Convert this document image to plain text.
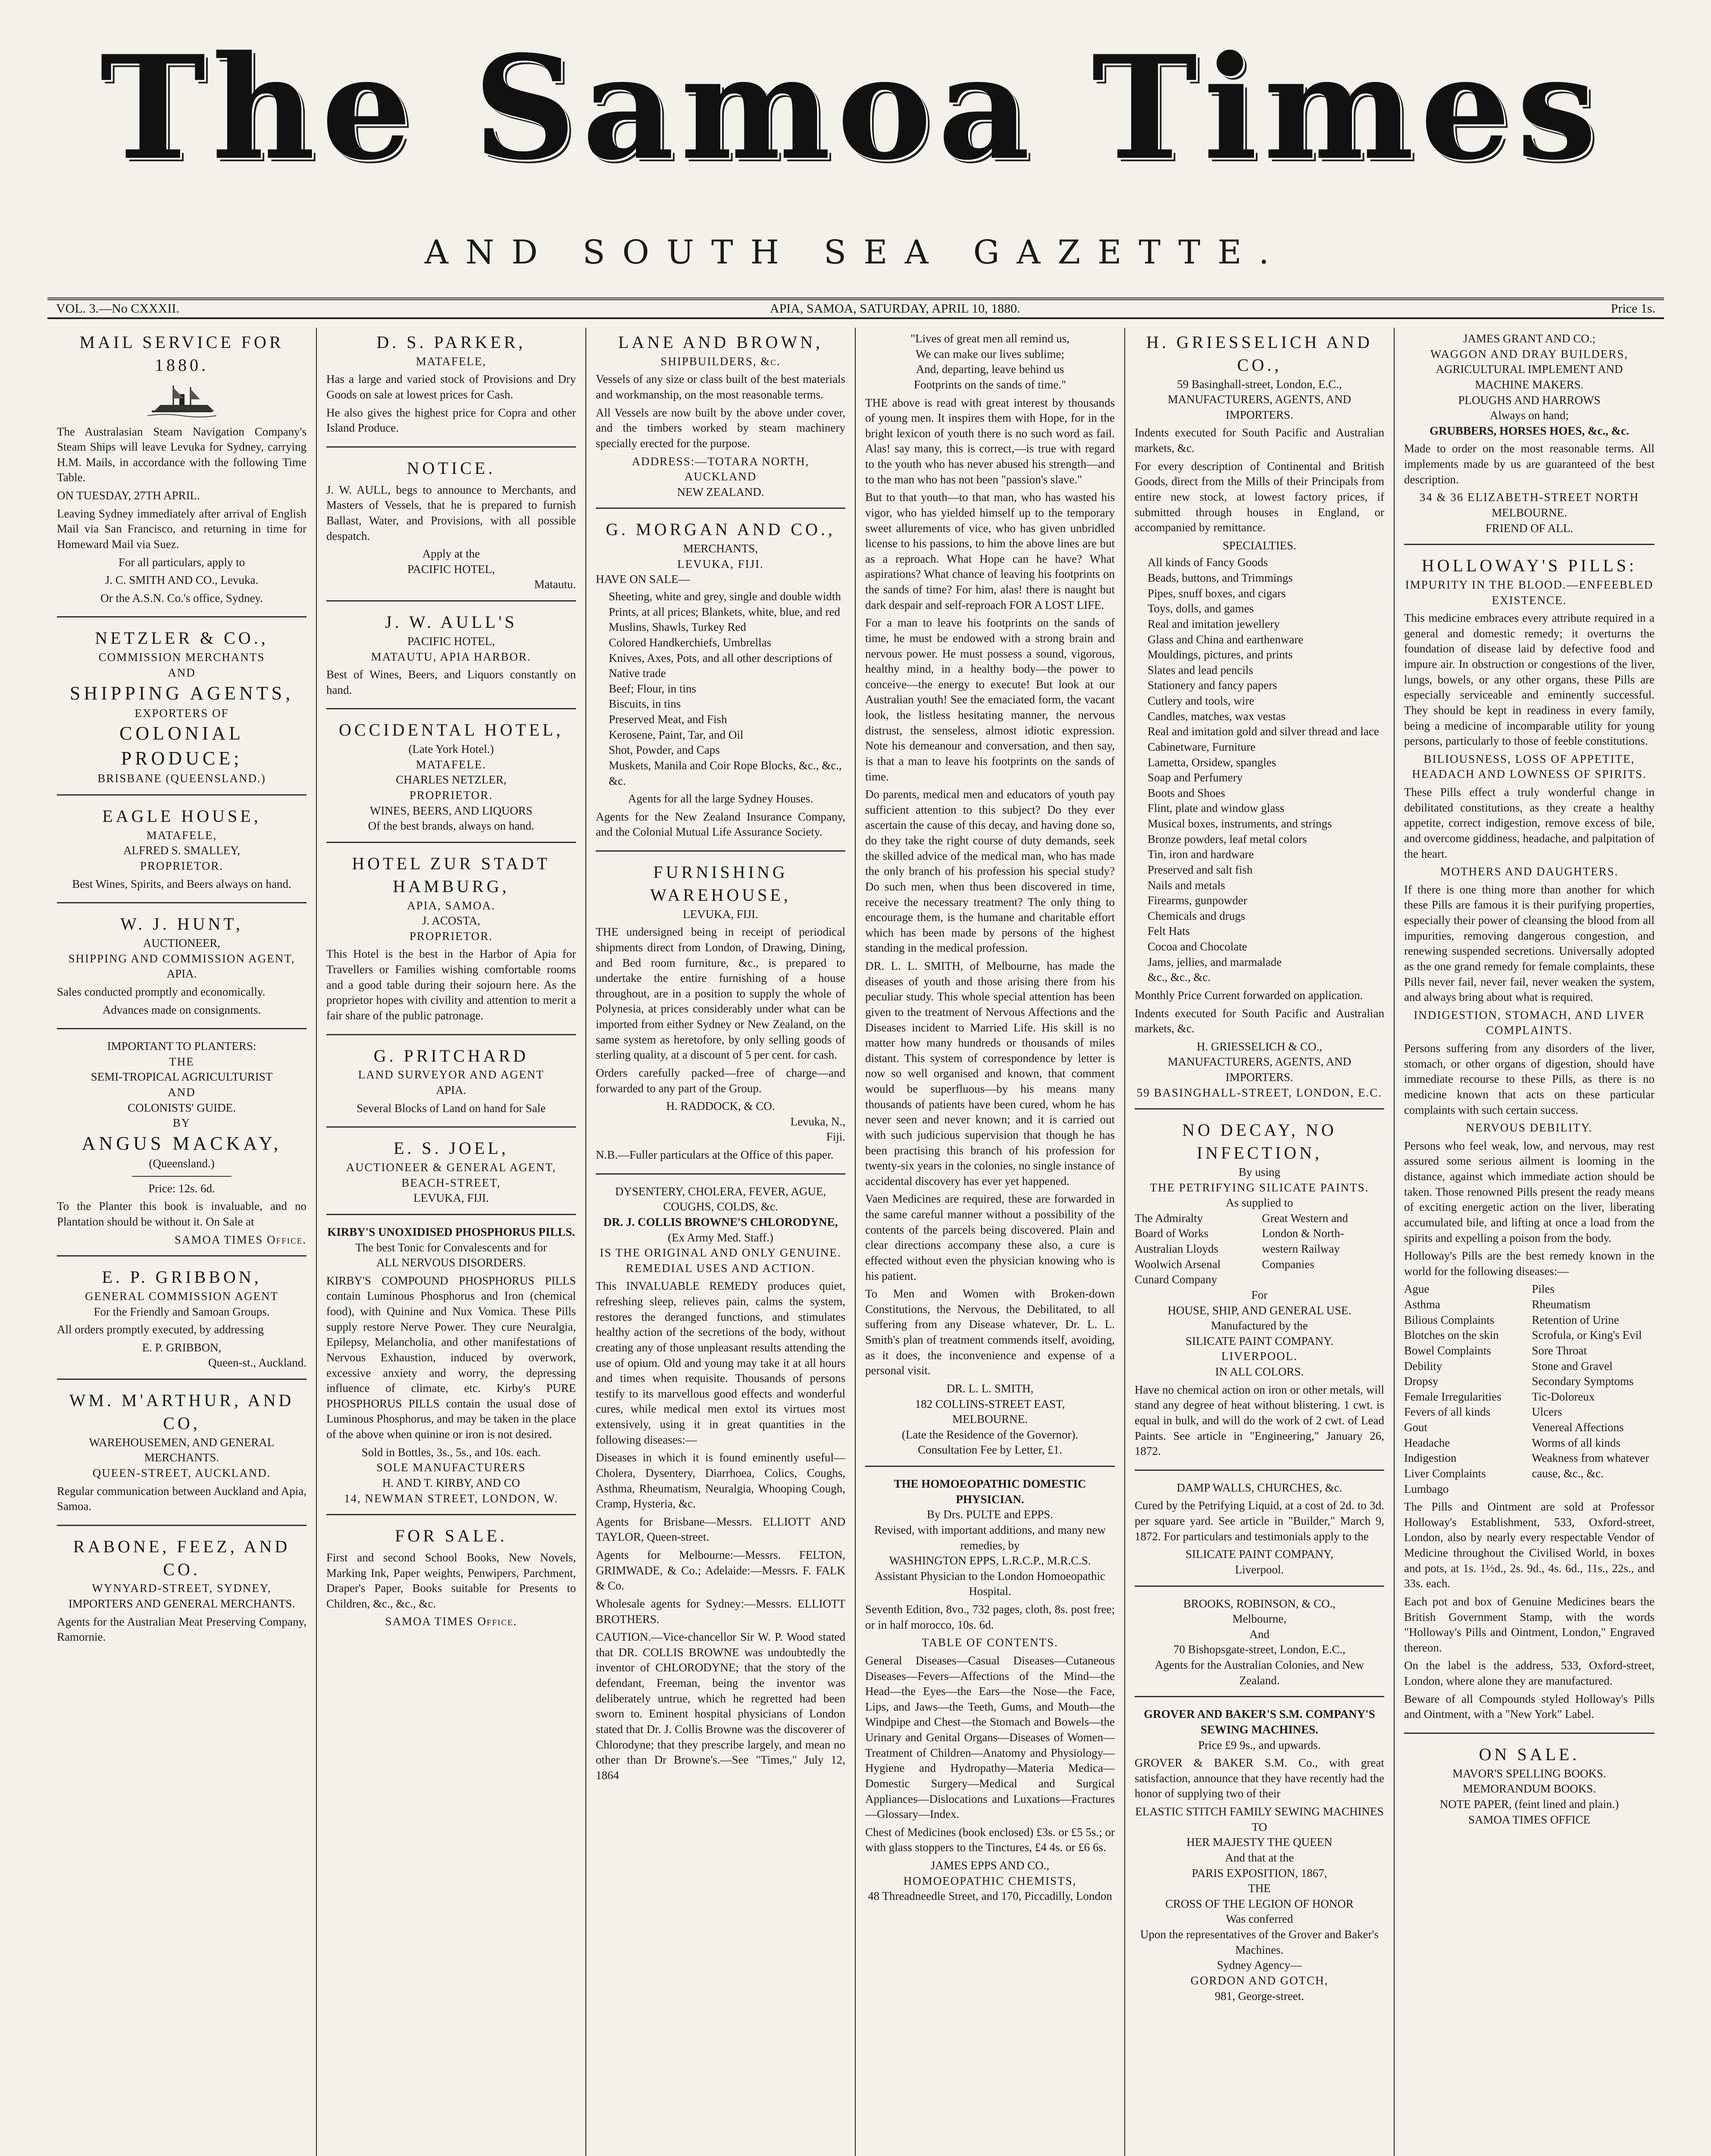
The Samoa Times
AND SOUTH SEA GAZETTE.
VOL. 3.—No CXXXII.	APIA, SAMOA, SATURDAY, APRIL 10, 1880.	Price 1s.
MAIL SERVICE FOR 1880.

The Australasian Steam Navigation Company's Steam Ships will leave Levuka for Sydney, carrying H.M. Mails, in accordance with the following Time Table.

ON TUESDAY, 27TH APRIL.

Leaving Sydney immediately after arrival of English Mail via San Francisco, and returning in time for Homeward Mail via Suez.

For all particulars, apply to

J. C. SMITH AND CO., Levuka.

Or the A.S.N. Co.'s office, Sydney.

NETZLER & CO.,
COMMISSION MERCHANTS
AND
SHIPPING AGENTS,
EXPORTERS OF
COLONIAL PRODUCE;
BRISBANE (QUEENSLAND.)
EAGLE HOUSE,
MATAFELE,
ALFRED S. SMALLEY,
PROPRIETOR.

Best Wines, Spirits, and Beers always on hand.

W. J. HUNT,
AUCTIONEER,
SHIPPING AND COMMISSION AGENT,
APIA.

Sales conducted promptly and economically.

Advances made on consignments.

IMPORTANT TO PLANTERS:
THE
SEMI-TROPICAL AGRICULTURIST
AND
COLONISTS' GUIDE.
BY
ANGUS MACKAY,
(Queensland.)
Price: 12s. 6d.

To the Planter this book is invaluable, and no Plantation should be without it. On Sale at

SAMOA TIMES Office.
E. P. GRIBBON,
GENERAL COMMISSION AGENT
For the Friendly and Samoan Groups.

All orders promptly executed, by addressing

E. P. GRIBBON,
Queen-st., Auckland.
WM. M'ARTHUR, AND CO,
WAREHOUSEMEN, AND GENERAL
MERCHANTS.
QUEEN-STREET, AUCKLAND.

Regular communication between Auckland and Apia, Samoa.

RABONE, FEEZ, AND CO.
WYNYARD-STREET, SYDNEY,
IMPORTERS AND GENERAL MERCHANTS.

Agents for the Australian Meat Preserving Company, Ramornie.

D. S. PARKER,
MATAFELE,

Has a large and varied stock of Provisions and Dry Goods on sale at lowest prices for Cash.

He also gives the highest price for Copra and other Island Produce.

NOTICE.

J. W. AULL, begs to announce to Merchants, and Masters of Vessels, that he is prepared to furnish Ballast, Water, and Provisions, with all possible despatch.

Apply at the
PACIFIC HOTEL,
Matautu.
J. W. AULL'S
PACIFIC HOTEL,
MATAUTU, APIA HARBOR.

Best of Wines, Beers, and Liquors constantly on hand.

OCCIDENTAL HOTEL,
(Late York Hotel.)
MATAFELE.
CHARLES NETZLER,
PROPRIETOR.
WINES, BEERS, AND LIQUORS
Of the best brands, always on hand.
HOTEL ZUR STADT HAMBURG,
APIA, SAMOA.
J. ACOSTA,
PROPRIETOR.

This Hotel is the best in the Harbor of Apia for Travellers or Families wishing comfortable rooms and a good table during their sojourn here. As the proprietor hopes with civility and attention to merit a fair share of the public patronage.

G. PRITCHARD
LAND SURVEYOR AND AGENT
APIA.

Several Blocks of Land on hand for Sale

E. S. JOEL,
AUCTIONEER & GENERAL AGENT,
BEACH-STREET,
LEVUKA, FIJI.
KIRBY'S UNOXIDISED PHOSPHORUS PILLS.
The best Tonic for Convalescents and for
ALL NERVOUS DISORDERS.

KIRBY'S COMPOUND PHOSPHORUS PILLS contain Luminous Phosphorus and Iron (chemical food), with Quinine and Nux Vomica. These Pills supply restore Nerve Power. They cure Neuralgia, Epilepsy, Melancholia, and other manifestations of Nervous Exhaustion, induced by overwork, excessive anxiety and worry, the depressing influence of climate, etc. Kirby's PURE PHOSPHORUS PILLS contain the usual dose of Luminous Phosphorus, and may be taken in the place of the above when quinine or iron is not desired.

Sold in Bottles, 3s., 5s., and 10s. each.
SOLE MANUFACTURERS
H. AND T. KIRBY, AND CO
14, NEWMAN STREET, LONDON, W.
FOR SALE.

First and second School Books, New Novels, Marking Ink, Paper weights, Penwipers, Parchment, Draper's Paper, Books suitable for Presents to Children, &c., &c., &c.

SAMOA TIMES Office.
LANE AND BROWN,
SHIPBUILDERS, &c.

Vessels of any size or class built of the best materials and workmanship, on the most reasonable terms.

All Vessels are now built by the above under cover, and the timbers worked by steam machinery specially erected for the purpose.

ADDRESS:—TOTARA NORTH, AUCKLAND
NEW ZEALAND.
G. MORGAN AND CO.,
MERCHANTS,
LEVUKA, FIJI.
HAVE ON SALE—
Sheeting, white and grey, single and double width
Prints, at all prices; Blankets, white, blue, and red
Muslins, Shawls, Turkey Red
Colored Handkerchiefs, Umbrellas
Knives, Axes, Pots, and all other descriptions of Native trade
Beef; Flour, in tins
Biscuits, in tins
Preserved Meat, and Fish
Kerosene, Paint, Tar, and Oil
Shot, Powder, and Caps
Muskets, Manila and Coir Rope Blocks, &c., &c., &c.

Agents for all the large Sydney Houses.

Agents for the New Zealand Insurance Company, and the Colonial Mutual Life Assurance Society.

FURNISHING WAREHOUSE,
LEVUKA, FIJI.

THE undersigned being in receipt of periodical shipments direct from London, of Drawing, Dining, and Bed room furniture, &c., is prepared to undertake the entire furnishing of a house throughout, are in a position to supply the whole of Polynesia, at prices considerably under what can be imported from either Sydney or New Zealand, on the same system as heretofore, by only selling goods of sterling quality, at a discount of 5 per cent. for cash.

Orders carefully packed—free of charge—and forwarded to any part of the Group.

H. RADDOCK, & CO.
Levuka, N.,
Fiji.

N.B.—Fuller particulars at the Office of this paper.

DYSENTERY, CHOLERA, FEVER, AGUE, COUGHS, COLDS, &c.
DR. J. COLLIS BROWNE'S CHLORODYNE,
(Ex Army Med. Staff.)
IS THE ORIGINAL AND ONLY GENUINE.
REMEDIAL USES AND ACTION.

This INVALUABLE REMEDY produces quiet, refreshing sleep, relieves pain, calms the system, restores the deranged functions, and stimulates healthy action of the secretions of the body, without creating any of those unpleasant results attending the use of opium. Old and young may take it at all hours and times when requisite. Thousands of persons testify to its marvellous good effects and wonderful cures, while medical men extol its virtues most extensively, using it in great quantities in the following diseases:—

Diseases in which it is found eminently useful—Cholera, Dysentery, Diarrhoea, Colics, Coughs, Asthma, Rheumatism, Neuralgia, Whooping Cough, Cramp, Hysteria, &c.

Agents for Brisbane—Messrs. ELLIOTT AND TAYLOR, Queen-street.

Agents for Melbourne:—Messrs. FELTON, GRIMWADE, & Co.; Adelaide:—Messrs. F. FALK & Co.

Wholesale agents for Sydney:—Messrs. ELLIOTT BROTHERS.

CAUTION.—Vice-chancellor Sir W. P. Wood stated that DR. COLLIS BROWNE was undoubtedly the inventor of CHLORODYNE; that the story of the defendant, Freeman, being the inventor was deliberately untrue, which he regretted had been sworn to. Eminent hospital physicians of London stated that Dr. J. Collis Browne was the discoverer of Chlorodyne; that they prescribe largely, and mean no other than Dr Browne's.—See "Times," July 12, 1864

"Lives of great men all remind us,
We can make our lives sublime;
And, departing, leave behind us
Footprints on the sands of time."

THE above is read with great interest by thousands of young men. It inspires them with Hope, for in the bright lexicon of youth there is no such word as fail. Alas! say many, this is correct,—is true with regard to the youth who has never abused his strength—and to the man who has not been "passion's slave."

But to that youth—to that man, who has wasted his vigor, who has yielded himself up to the temporary sweet allurements of vice, who has given unbridled license to his passions, to him the above lines are but as a reproach. What Hope can he have? What aspirations? What chance of leaving his footprints on the sands of time? For him, alas! there is naught but dark despair and self-reproach FOR A LOST LIFE.

For a man to leave his footprints on the sands of time, he must be endowed with a strong brain and nervous power. He must possess a sound, vigorous, healthy mind, in a healthy body—the power to conceive—the energy to execute! But look at our Australian youth! See the emaciated form, the vacant look, the listless hesitating manner, the nervous distrust, the senseless, almost idiotic expression. Note his demeanour and conversation, and then say, is that a man to leave his footprints on the sands of time.

Do parents, medical men and educators of youth pay sufficient attention to this subject? Do they ever ascertain the cause of this decay, and having done so, do they take the right course of duty demands, seek the skilled advice of the medical man, who has made the only branch of his profession his special study? Do such men, when thus been discovered in time, receive the necessary treatment? The only thing to encourage them, is the humane and charitable effort which has been made by persons of the highest standing in the medical profession.

DR. L. L. SMITH, of Melbourne, has made the diseases of youth and those arising there from his peculiar study. This whole special attention has been given to the treatment of Nervous Affections and the Diseases incident to Married Life. His skill is no matter how many hundreds or thousands of miles distant. This system of correspondence by letter is now so well organised and known, that comment would be superfluous—by his means many thousands of patients have been cured, whom he has never seen and never known; and it is carried out with such judicious supervision that though he has been practising this branch of his profession for twenty-six years in the colonies, no single instance of accidental discovery has ever yet happened.

Vaen Medicines are required, these are forwarded in the same careful manner without a possibility of the contents of the parcels being discovered. Plain and clear directions accompany these also, a cure is effected without even the physician knowing who is his patient.

To Men and Women with Broken-down Constitutions, the Nervous, the Debilitated, to all suffering from any Disease whatever, Dr. L. L. Smith's plan of treatment commends itself, avoiding, as it does, the inconvenience and expense of a personal visit.

DR. L. L. SMITH,
182 COLLINS-STREET EAST,
MELBOURNE.
(Late the Residence of the Governor).
Consultation Fee by Letter, £1.
THE HOMOEOPATHIC DOMESTIC PHYSICIAN.
By Drs. PULTE and EPPS.
Revised, with important additions, and many new remedies, by
WASHINGTON EPPS, L.R.C.P., M.R.C.S.
Assistant Physician to the London Homoeopathic Hospital.

Seventh Edition, 8vo., 732 pages, cloth, 8s. post free; or in half morocco, 10s. 6d.

TABLE OF CONTENTS.

General Diseases—Casual Diseases—Cutaneous Diseases—Fevers—Affections of the Mind—the Head—the Eyes—the Ears—the Nose—the Face, Lips, and Jaws—the Teeth, Gums, and Mouth—the Windpipe and Chest—the Stomach and Bowels—the Urinary and Genital Organs—Diseases of Women—Treatment of Children—Anatomy and Physiology—Hygiene and Hydropathy—Materia Medica—Domestic Surgery—Medical and Surgical Appliances—Dislocations and Luxations—Fractures—Glossary—Index.

Chest of Medicines (book enclosed) £3s. or £5 5s.; or with glass stoppers to the Tinctures, £4 4s. or £6 6s.

JAMES EPPS AND CO.,
HOMOEOPATHIC CHEMISTS,
48 Threadneedle Street, and 170, Piccadilly, London
H. GRIESSELICH AND CO.,
59 Basinghall-street, London, E.C.,
MANUFACTURERS, AGENTS, AND IMPORTERS.

Indents executed for South Pacific and Australian markets, &c.

For every description of Continental and British Goods, direct from the Mills of their Principals from entire new stock, at lowest factory prices, if submitted through houses in England, or accompanied by remittance.

SPECIALTIES.
All kinds of Fancy Goods
Beads, buttons, and Trimmings
Pipes, snuff boxes, and cigars
Toys, dolls, and games
Real and imitation jewellery
Glass and China and earthenware
Mouldings, pictures, and prints
Slates and lead pencils
Stationery and fancy papers
Cutlery and tools, wire
Candles, matches, wax vestas
Real and imitation gold and silver thread and lace
Cabinetware, Furniture
Lametta, Orsidew, spangles
Soap and Perfumery
Boots and Shoes
Flint, plate and window glass
Musical boxes, instruments, and strings
Bronze powders, leaf metal colors
Tin, iron and hardware
Preserved and salt fish
Nails and metals
Firearms, gunpowder
Chemicals and drugs
Felt Hats
Cocoa and Chocolate
Jams, jellies, and marmalade
&c., &c., &c.

Monthly Price Current forwarded on application.

Indents executed for South Pacific and Australian markets, &c.

H. GRIESSELICH & CO.,
MANUFACTURERS, AGENTS, AND IMPORTERS.
59 BASINGHALL-STREET, LONDON, E.C.
NO DECAY, NO INFECTION,
By using
THE PETRIFYING SILICATE PAINTS.
As supplied to
The Admiralty
Board of Works
Australian Lloyds
Woolwich Arsenal
Cunard Company
Great Western and
London & North-
western Railway
Companies
For
HOUSE, SHIP, AND GENERAL USE.
Manufactured by the
SILICATE PAINT COMPANY.
LIVERPOOL.
IN ALL COLORS.

Have no chemical action on iron or other metals, will stand any degree of heat without blistering. 1 cwt. is equal in bulk, and will do the work of 2 cwt. of Lead Paints. See article in "Engineering," January 26, 1872.

DAMP WALLS, CHURCHES, &c.

Cured by the Petrifying Liquid, at a cost of 2d. to 3d. per square yard. See article in "Builder," March 9, 1872. For particulars and testimonials apply to the

SILICATE PAINT COMPANY,
Liverpool.
BROOKS, ROBINSON, & CO.,
Melbourne,
And
70 Bishopsgate-street, London, E.C.,
Agents for the Australian Colonies, and New Zealand.
GROVER AND BAKER'S S.M. COMPANY'S SEWING MACHINES.
Price £9 9s., and upwards.

GROVER & BAKER S.M. Co., with great satisfaction, announce that they have recently had the honor of supplying two of their

ELASTIC STITCH FAMILY SEWING MACHINES
TO
HER MAJESTY THE QUEEN
And that at the
PARIS EXPOSITION, 1867,
THE
CROSS OF THE LEGION OF HONOR
Was conferred
Upon the representatives of the Grover and Baker's Machines.
Sydney Agency—
GORDON AND GOTCH,
981, George-street.
JAMES GRANT AND CO.;
WAGGON AND DRAY BUILDERS,
AGRICULTURAL IMPLEMENT AND
MACHINE MAKERS.
PLOUGHS AND HARROWS
Always on hand;
GRUBBERS, HORSES HOES, &c., &c.

Made to order on the most reasonable terms. All implements made by us are guaranteed of the best description.

34 & 36 ELIZABETH-STREET NORTH
MELBOURNE.
FRIEND OF ALL.
HOLLOWAY'S PILLS:
IMPURITY IN THE BLOOD.—ENFEEBLED EXISTENCE.

This medicine embraces every attribute required in a general and domestic remedy; it overturns the foundation of disease laid by defective food and impure air. In obstruction or congestions of the liver, lungs, bowels, or any other organs, these Pills are especially serviceable and eminently successful. They should be kept in readiness in every family, being a medicine of incomparable utility for young persons, particularly to those of feeble constitutions.

BILIOUSNESS, LOSS OF APPETITE, HEADACH AND LOWNESS OF SPIRITS.

These Pills effect a truly wonderful change in debilitated constitutions, as they create a healthy appetite, correct indigestion, remove excess of bile, and overcome giddiness, headache, and palpitation of the heart.

MOTHERS AND DAUGHTERS.

If there is one thing more than another for which these Pills are famous it is their purifying properties, especially their power of cleansing the blood from all impurities, removing dangerous congestion, and renewing suspended secretions. Universally adopted as the one grand remedy for female complaints, these Pills never fail, never fail, never weaken the system, and always bring about what is required.

INDIGESTION, STOMACH, AND LIVER COMPLAINTS.

Persons suffering from any disorders of the liver, stomach, or other organs of digestion, should have immediate recourse to these Pills, as there is no medicine known that acts on these particular complaints with such certain success.

NERVOUS DEBILITY.

Persons who feel weak, low, and nervous, may rest assured some serious ailment is looming in the distance, against which immediate action should be taken. Those renowned Pills present the ready means of exciting energetic action on the liver, liberating accumulated bile, and lifting at once a load from the spirits and expelling a poison from the body.

Holloway's Pills are the best remedy known in the world for the following diseases:—

Ague
Asthma
Bilious Complaints
Blotches on the skin
Bowel Complaints
Debility
Dropsy
Female Irregularities
Fevers of all kinds
Gout
Headache
Indigestion
Liver Complaints
Lumbago
Piles
Rheumatism
Retention of Urine
Scrofula, or King's Evil
Sore Throat
Stone and Gravel
Secondary Symptoms
Tic-Doloreux
Ulcers
Venereal Affections
Worms of all kinds
Weakness from whatever cause, &c., &c.

The Pills and Ointment are sold at Professor Holloway's Establishment, 533, Oxford-street, London, also by nearly every respectable Vendor of Medicine throughout the Civilised World, in boxes and pots, at 1s. 1½d., 2s. 9d., 4s. 6d., 11s., 22s., and 33s. each.

Each pot and box of Genuine Medicines bears the British Government Stamp, with the words "Holloway's Pills and Ointment, London," Engraved thereon.

On the label is the address, 533, Oxford-street, London, where alone they are manufactured.

Beware of all Compounds styled Holloway's Pills and Ointment, with a "New York" Label.

ON SALE.
MAVOR'S SPELLING BOOKS.
MEMORANDUM BOOKS.
NOTE PAPER, (feint lined and plain.)
SAMOA TIMES OFFICE
